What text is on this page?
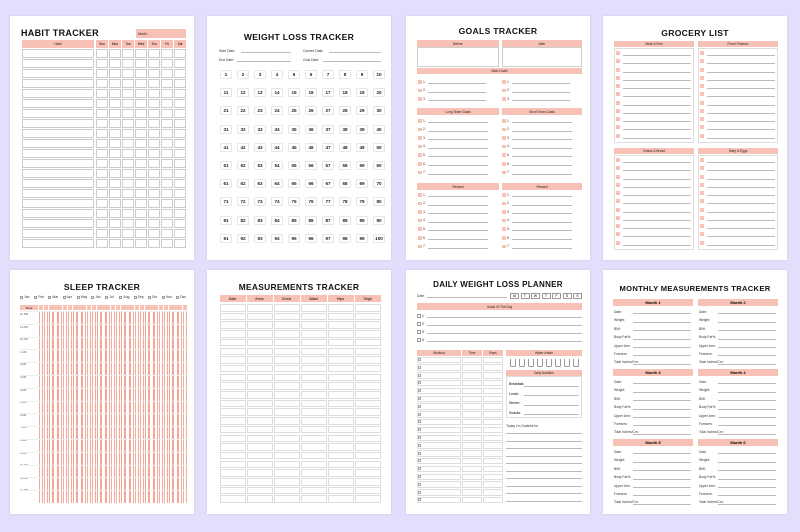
HABIT TRACKER	Month:
Habit	Sun	Mon	Tue	Wed	Thu	Fri	Sat
WEIGHT LOSS TRACKER
Start Date:	Current Date:
End Date:	Goal Date:
1	2	3	4	5	6	7	8	9	10
11	12	13	14	15	16	17	18	19	20
21	22	23	24	25	26	27	28	29	30
31	32	33	34	35	36	37	38	39	40
41	42	43	44	45	46	47	48	49	50
51	52	53	54	55	56	57	58	59	60
61	62	63	64	65	66	67	68	69	70
71	72	73	74	75	76	77	78	79	80
81	82	83	84	85	86	87	88	89	90
91	92	93	94	95	96	97	98	99	100
GOALS TRACKER
Before	After
Main Goals
Long Team Goals	Short Team Goals
Reward	Reward
1.
2.
3.
1.
2.
3.
1.
2.
3.
4.
5.
6.
7.
1.
2.
3.
4.
5.
6.
7.
1.
2.
3.
4.
5.
6.
7.
1.
2.
3.
4.
5.
6.
7.
GROCERY LIST
Meat & Fish	Fresh Produce
Grains & Bread	Dairy & Eggs
SLEEP TRACKER
Jan	Feb Mar Apr	May Jun	Jul	Aug Sep Oct	Nov Dec
Time
10 PM
11 PM
12 AM
1 AM
2 AM
3 AM
4 AM
5 AM
6 AM
7 AM
8 AM
9 AM
10 AM
11 AM
12 PM
MEASUREMENTS TRACKER
Date	Arms	Chest	Waist	Hips	Thigh
DAILY WEIGHT LOSS PLANNER
Date:	M	T	W	T	F	S	S
Goals Of The Day
Workout	Time	Reps	Water Intake
Daily Nutrition
Today I'm Grateful for
1
2
3
4
Breakfast:
Lunch:
Dinner:
Snacks:
MONTHLY MEASUREMENTS TRACKER
Month 1
Date:
Weight:
BMI:
Body Fat%:
Upper Arm:
Forearm:
Total Inches/Cm:
Month 2
Date:
Weight:
BMI:
Body Fat%:
Upper Arm:
Forearm:
Total Inches/Cm:
Month 3
Date:
Weight:
BMI:
Body Fat%:
Upper Arm:
Forearm:
Total Inches/Cm:
Month 4
Date:
Weight:
BMI:
Body Fat%:
Upper Arm:
Forearm:
Total Inches/Cm:
Month 5
Date:
Weight:
BMI:
Body Fat%:
Upper Arm:
Forearm:
Total Inches/Cm:
Month 6
Date:
Weight:
BMI:
Body Fat%:
Upper Arm:
Forearm:
Total Inches/Cm:
